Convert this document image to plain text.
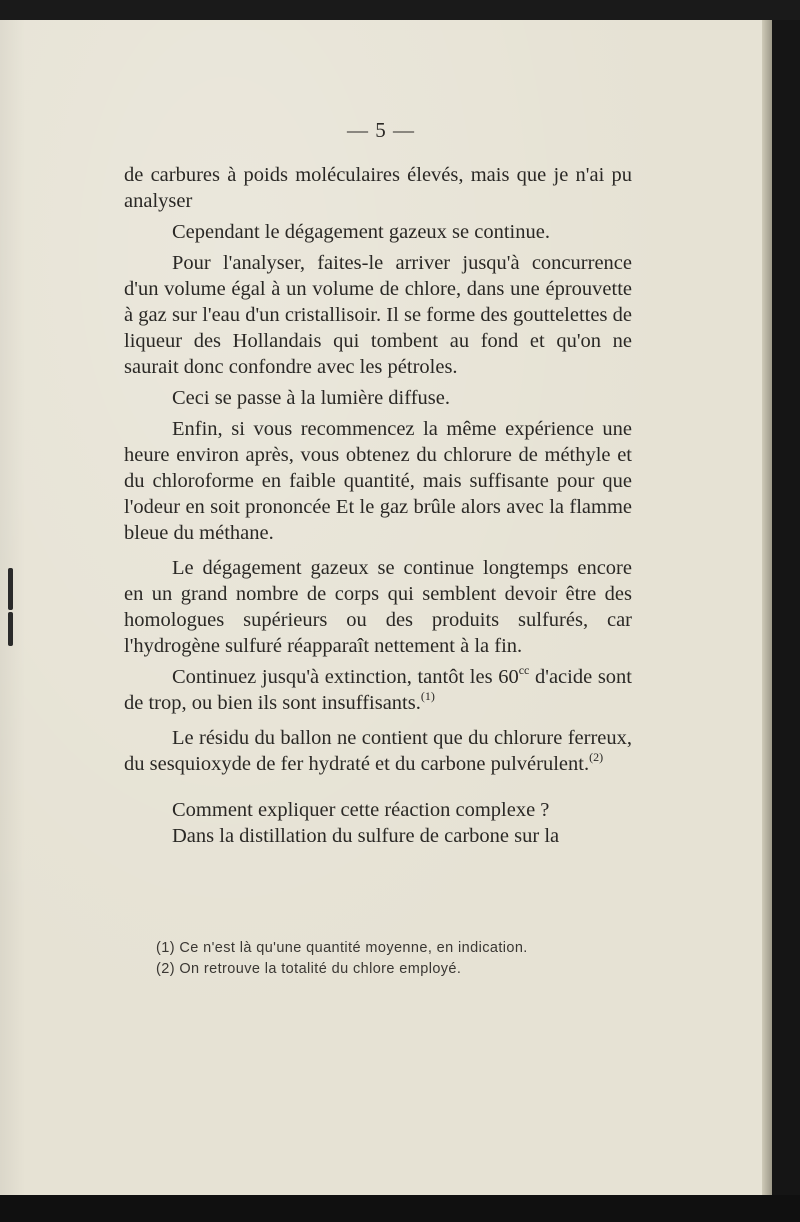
— 5 —

de carbures à poids moléculaires élevés, mais que je n'ai pu analyser

Cependant le dégagement gazeux se continue.

Pour l'analyser, faites-le arriver jusqu'à concurrence d'un volume égal à un volume de chlore, dans une éprouvette à gaz sur l'eau d'un cristallisoir. Il se forme des gouttelettes de liqueur des Hollandais qui tombent au fond et qu'on ne saurait donc confondre avec les pétroles.

Ceci se passe à la lumière diffuse.

Enfin, si vous recommencez la même expérience une heure environ après, vous obtenez du chlorure de méthyle et du chloroforme en faible quantité, mais suffisante pour que l'odeur en soit prononcée Et le gaz brûle alors avec la flamme bleue du méthane.

Le dégagement gazeux se continue longtemps encore en un grand nombre de corps qui semblent devoir être des homologues supérieurs ou des produits sulfurés, car l'hydrogène sulfuré réapparaît nettement à la fin.

Continuez jusqu'à extinction, tantôt les $60^{cc}$ d'acide sont de trop, ou bien ils sont insuffisants.$^{(1)}$

Le résidu du ballon ne contient que du chlorure ferreux, du sesquioxyde de fer hydraté et du carbone pulvérulent.$^{(2)}$

Comment expliquer cette réaction complexe ?

Dans la distillation du sulfure de carbone sur la

(1) Ce n'est là qu'une quantité moyenne, en indication.
(2) On retrouve la totalité du chlore employé.
